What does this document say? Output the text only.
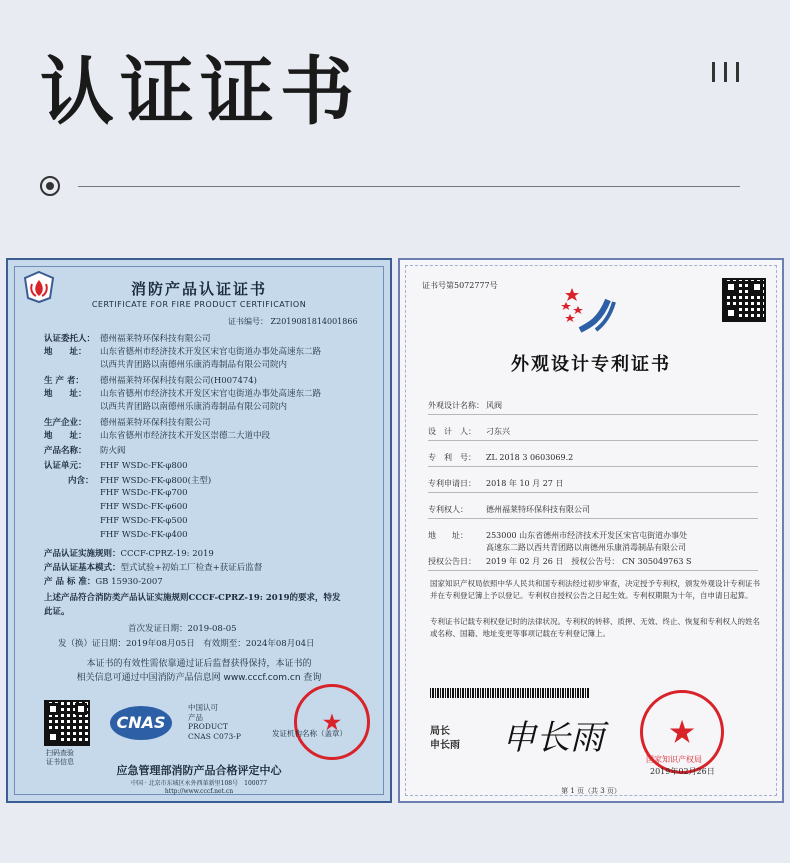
认证证书
消防产品认证证书
CERTIFICATE FOR FIRE PRODUCT CERTIFICATION
证书编号： Z2019081814001866
认证委托人： 德州福莱特环保科技有限公司
地　　址： 山东省德州市经济技术开发区宋官屯街道办事处高速东二路
以西共青团路以南德州乐康消毒制品有限公司院内
生 产 者： 德州福莱特环保科技有限公司(H007474)
地　　址： 山东省德州市经济技术开发区宋官屯街道办事处高速东二路
以西共青团路以南德州乐康消毒制品有限公司院内
生产企业： 德州福莱特环保科技有限公司
地　　址： 山东省德州市经济技术开发区崇德二大道中段
产品名称： 防火阀
认证单元： FHF WSDc-FK-φ800
内含： FHF WSDc-FK-φ800(主型)
FHF WSDc-FK-φ700
FHF WSDc-FK-φ600
FHF WSDc-FK-φ500
FHF WSDc-FK-φ400
产品认证实施规则：CCCF-CPRZ-19: 2019
产品认证基本模式：型式试验+初始工厂检查+获证后监督
产 品 标 准：GB 15930-2007
上述产品符合消防类产品认证实施规则CCCF-CPRZ-19: 2019的要求，特发
此证。
首次发证日期：2019-08-05
发（换）证日期：2019年08月05日　有效期至：2024年08月04日
本证书的有效性需依靠通过证后监督获得保持，本证书的
相关信息可通过中国消防产品信息网 www.cccf.com.cn 查询
扫码查验
证书信息
CNAS
中国认可
产品
PRODUCT
CNAS C073-P
★
发证机构名称（盖章）
应急管理部消防产品合格评定中心
中国 · 北京市东城区永外西革新里108号　100077
http://www.cccf.net.cn
证书号第5072777号
外观设计专利证书
外观设计名称： 风阀
设　计　人： 刁东兴
专　利　号： ZL 2018 3 0603069.2
专利申请日： 2018 年 10 月 27 日
专利权人： 德州福莱特环保科技有限公司
地　　址： 253000 山东省德州市经济技术开发区宋官屯街道办事处
高速东二路以西共青团路以南德州乐康消毒制品有限公司
授权公告日： 2019 年 02 月 26 日　授权公告号： CN 305049763 S
国家知识产权局依照中华人民共和国专利法经过初步审查，决定授予专利权，颁发外观设计专利证书并在专利登记簿上予以登记。专利权自授权公告之日起生效。专利权期限为十年，自申请日起算。
专利证书记载专利权登记时的法律状况。专利权的转移、质押、无效、终止、恢复和专利权人的姓名或名称、国籍、地址变更等事项记载在专利登记簿上。
局长
申长雨 申长雨 ★
国家知识产权局
2019年02月26日
第 1 页（共 3 页）
